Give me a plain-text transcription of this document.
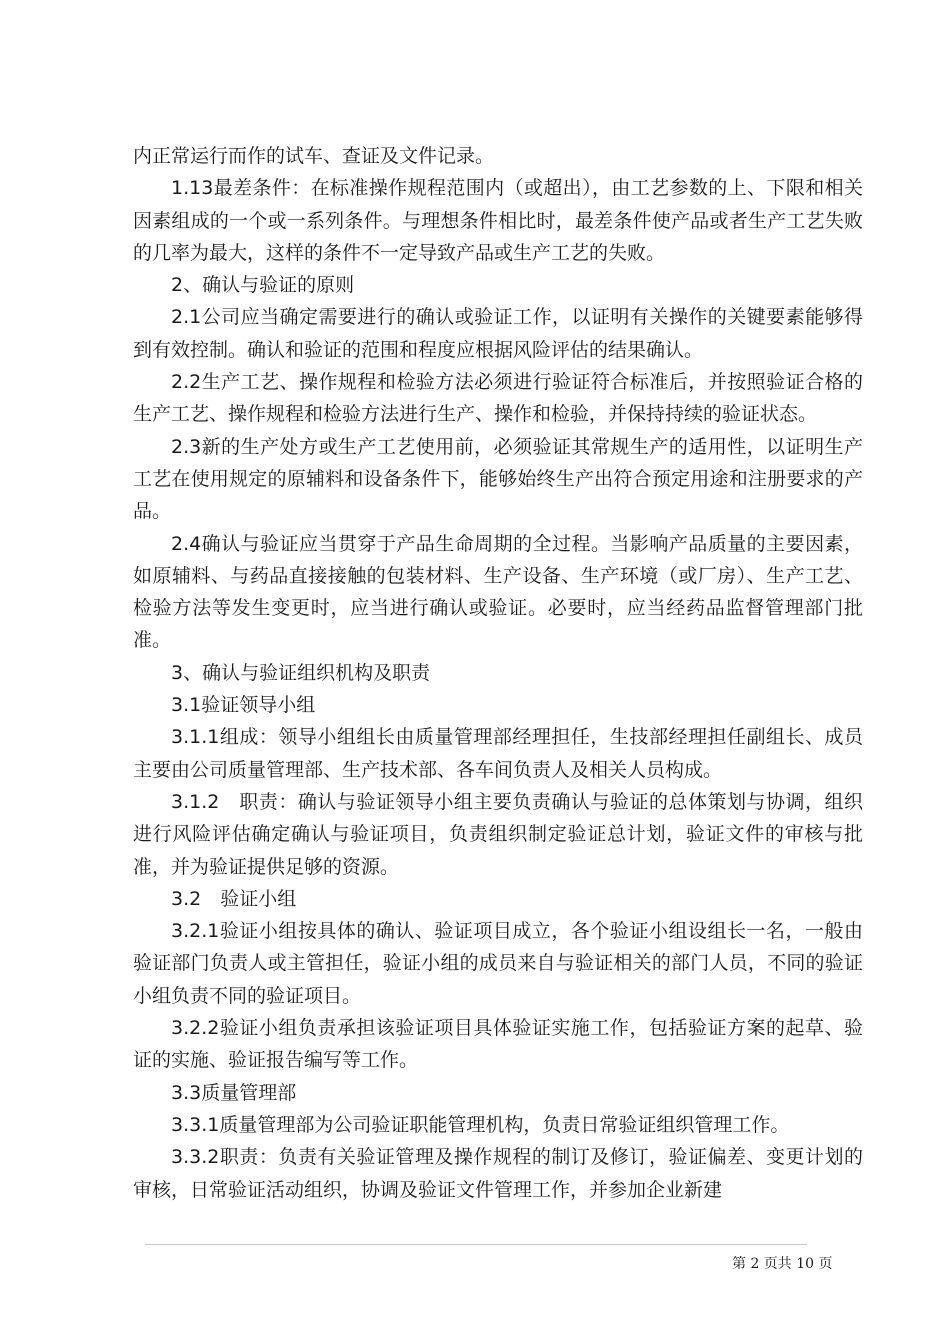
内正常运行而作的试车、查证及文件记录。

1.13最差条件：在标准操作规程范围内（或超出），由工艺参数的上、下限和相关因素组成的一个或一系列条件。与理想条件相比时，最差条件使产品或者生产工艺失败的几率为最大，这样的条件不一定导致产品或生产工艺的失败。

2、确认与验证的原则

2.1公司应当确定需要进行的确认或验证工作，以证明有关操作的关键要素能够得到有效控制。确认和验证的范围和程度应根据风险评估的结果确认。

2.2生产工艺、操作规程和检验方法必须进行验证符合标准后，并按照验证合格的生产工艺、操作规程和检验方法进行生产、操作和检验，并保持持续的验证状态。

2.3新的生产处方或生产工艺使用前，必须验证其常规生产的适用性，以证明生产工艺在使用规定的原辅料和设备条件下，能够始终生产出符合预定用途和注册要求的产品。

2.4确认与验证应当贯穿于产品生命周期的全过程。当影响产品质量的主要因素，如原辅料、与药品直接接触的包装材料、生产设备、生产环境（或厂房）、生产工艺、检验方法等发生变更时，应当进行确认或验证。必要时，应当经药品监督管理部门批准。

3、确认与验证组织机构及职责

3.1验证领导小组

3.1.1组成：领导小组组长由质量管理部经理担任，生技部经理担任副组长、成员主要由公司质量管理部、生产技术部、各车间负责人及相关人员构成。

3.1.2　职责：确认与验证领导小组主要负责确认与验证的总体策划与协调，组织进行风险评估确定确认与验证项目，负责组织制定验证总计划，验证文件的审核与批准，并为验证提供足够的资源。

3.2　验证小组

3.2.1验证小组按具体的确认、验证项目成立，各个验证小组设组长一名，一般由验证部门负责人或主管担任，验证小组的成员来自与验证相关的部门人员，不同的验证小组负责不同的验证项目。

3.2.2验证小组负责承担该验证项目具体验证实施工作，包括验证方案的起草、验证的实施、验证报告编写等工作。

3.3质量管理部

3.3.1质量管理部为公司验证职能管理机构，负责日常验证组织管理工作。

3.3.2职责：负责有关验证管理及操作规程的制订及修订，验证偏差、变更计划的审核，日常验证活动组织，协调及验证文件管理工作，并参加企业新建

第 2 页共 10 页
